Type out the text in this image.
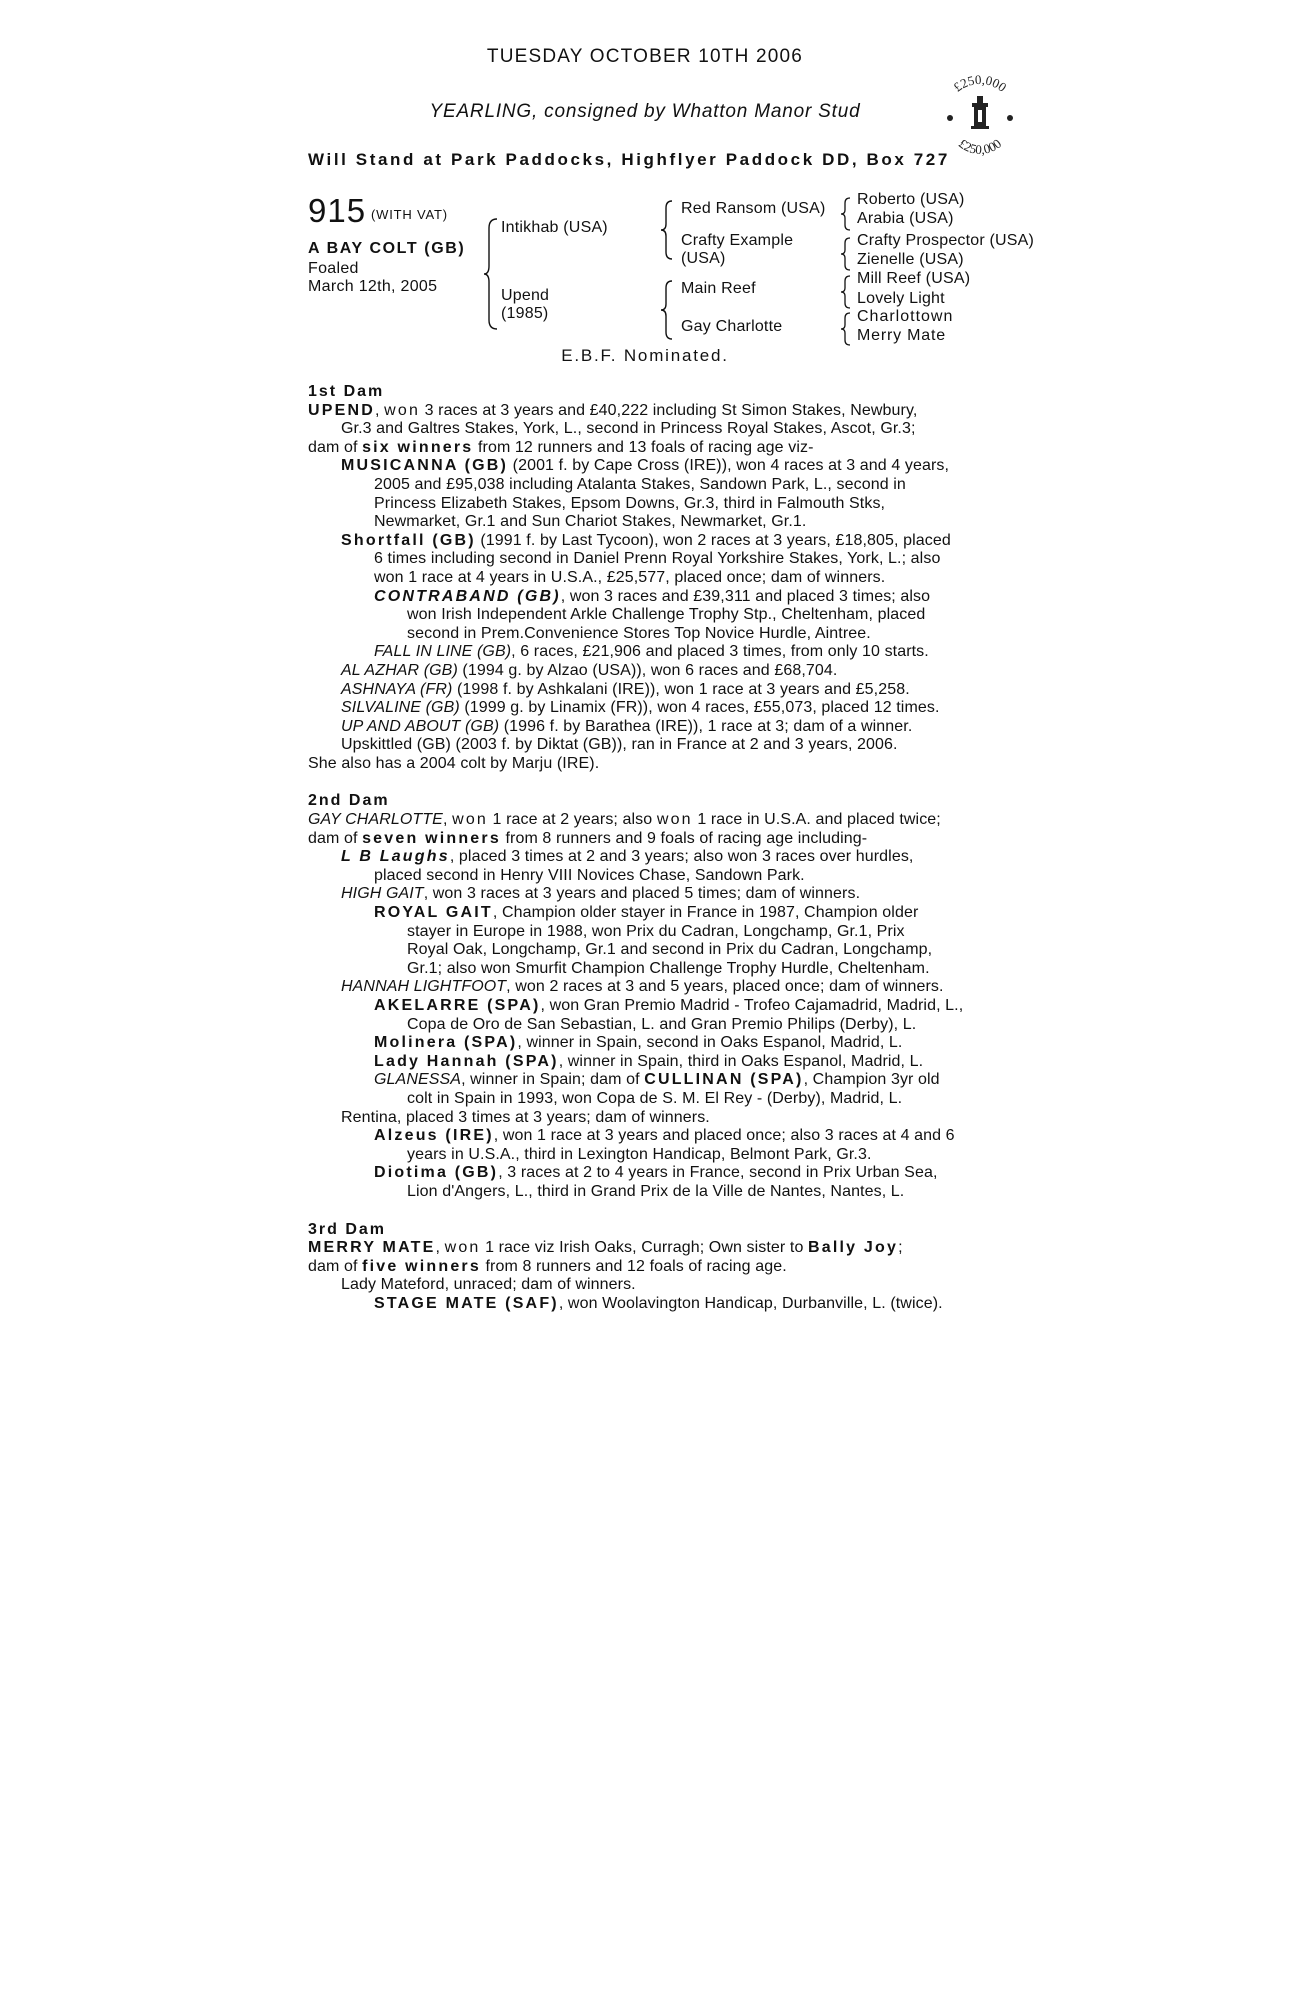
TUESDAY OCTOBER 10TH 2006
YEARLING, consigned by Whatton Manor Stud
£250,000
£250,000
Will Stand at Park Paddocks, Highflyer Paddock DD, Box 727
915 (WITH VAT)
A BAY COLT (GB)
Foaled
March 12th, 2005
Intikhab (USA)
Upend
(1985)
Red Ransom (USA)
Crafty Example
(USA)
Main Reef
Gay Charlotte
Roberto (USA)
Arabia (USA)
Crafty Prospector (USA)
Zienelle (USA)
Mill Reef (USA)
Lovely Light
Charlottown
Merry Mate
E.B.F. Nominated.

1st Dam

UPEND, won 3 races at 3 years and £40,222 including St Simon Stakes, Newbury,

Gr.3 and Galtres Stakes, York, L., second in Princess Royal Stakes, Ascot, Gr.3;

dam of six winners from 12 runners and 13 foals of racing age viz-

MUSICANNA (GB) (2001 f. by Cape Cross (IRE)), won 4 races at 3 and 4 years,

2005 and £95,038 including Atalanta Stakes, Sandown Park, L., second in

Princess Elizabeth Stakes, Epsom Downs, Gr.3, third in Falmouth Stks,

Newmarket, Gr.1 and Sun Chariot Stakes, Newmarket, Gr.1.

Shortfall (GB) (1991 f. by Last Tycoon), won 2 races at 3 years, £18,805, placed

6 times including second in Daniel Prenn Royal Yorkshire Stakes, York, L.; also

won 1 race at 4 years in U.S.A., £25,577, placed once; dam of winners.

CONTRABAND (GB), won 3 races and £39,311 and placed 3 times; also

won Irish Independent Arkle Challenge Trophy Stp., Cheltenham, placed

second in Prem.Convenience Stores Top Novice Hurdle, Aintree.

FALL IN LINE (GB), 6 races, £21,906 and placed 3 times, from only 10 starts.

AL AZHAR (GB) (1994 g. by Alzao (USA)), won 6 races and £68,704.

ASHNAYA (FR) (1998 f. by Ashkalani (IRE)), won 1 race at 3 years and £5,258.

SILVALINE (GB) (1999 g. by Linamix (FR)), won 4 races, £55,073, placed 12 times.

UP AND ABOUT (GB) (1996 f. by Barathea (IRE)), 1 race at 3; dam of a winner.

Upskittled (GB) (2003 f. by Diktat (GB)), ran in France at 2 and 3 years, 2006.

She also has a 2004 colt by Marju (IRE).

2nd Dam

GAY CHARLOTTE, won 1 race at 2 years; also won 1 race in U.S.A. and placed twice;

dam of seven winners from 8 runners and 9 foals of racing age including-

L B Laughs, placed 3 times at 2 and 3 years; also won 3 races over hurdles,

placed second in Henry VIII Novices Chase, Sandown Park.

HIGH GAIT, won 3 races at 3 years and placed 5 times; dam of winners.

ROYAL GAIT, Champion older stayer in France in 1987, Champion older

stayer in Europe in 1988, won Prix du Cadran, Longchamp, Gr.1, Prix

Royal Oak, Longchamp, Gr.1 and second in Prix du Cadran, Longchamp,

Gr.1; also won Smurfit Champion Challenge Trophy Hurdle, Cheltenham.

HANNAH LIGHTFOOT, won 2 races at 3 and 5 years, placed once; dam of winners.

AKELARRE (SPA), won Gran Premio Madrid - Trofeo Cajamadrid, Madrid, L.,

Copa de Oro de San Sebastian, L. and Gran Premio Philips (Derby), L.

Molinera (SPA), winner in Spain, second in Oaks Espanol, Madrid, L.

Lady Hannah (SPA), winner in Spain, third in Oaks Espanol, Madrid, L.

GLANESSA, winner in Spain; dam of CULLINAN (SPA), Champion 3yr old

colt in Spain in 1993, won Copa de S. M. El Rey - (Derby), Madrid, L.

Rentina, placed 3 times at 3 years; dam of winners.

Alzeus (IRE), won 1 race at 3 years and placed once; also 3 races at 4 and 6

years in U.S.A., third in Lexington Handicap, Belmont Park, Gr.3.

Diotima (GB), 3 races at 2 to 4 years in France, second in Prix Urban Sea,

Lion d'Angers, L., third in Grand Prix de la Ville de Nantes, Nantes, L.

3rd Dam

MERRY MATE, won 1 race viz Irish Oaks, Curragh; Own sister to Bally Joy;

dam of five winners from 8 runners and 12 foals of racing age.

Lady Mateford, unraced; dam of winners.

STAGE MATE (SAF), won Woolavington Handicap, Durbanville, L. (twice).
